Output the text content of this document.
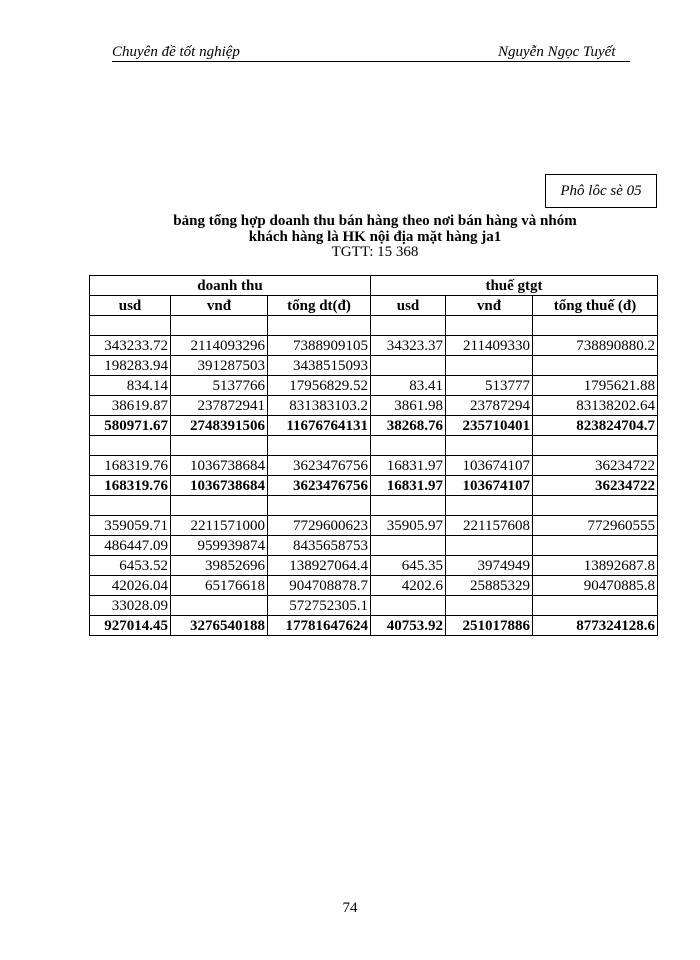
Chuyên đề tốt nghiệp	Nguyễn Ngọc Tuyết
Phô lôc sè 05
bảng tổng hợp doanh thu bán hàng theo nơi bán hàng và nhóm
khách hàng là HK nội địa mặt hàng ja1
TGTT: 15 368
doanh thu			thuế gtgt		
usd	vnđ	tổng dt(đ)	usd	vnđ	tổng thuế (đ)

343233.72	2114093296	7388909105	34323.37	211409330	738890880.2
198283.94	391287503	3438515093			
834.14	5137766	17956829.52	83.41	513777	1795621.88
38619.87	237872941	831383103.2	3861.98	23787294	83138202.64
580971.67	2748391506	11676764131	38268.76	235710401	823824704.7

168319.76	1036738684	3623476756	16831.97	103674107	36234722
168319.76	1036738684	3623476756	16831.97	103674107	36234722

359059.71	2211571000	7729600623	35905.97	221157608	772960555
486447.09	959939874	8435658753			
6453.52	39852696	138927064.4	645.35	3974949	13892687.8
42026.04	65176618	904708878.7	4202.6	25885329	90470885.8
33028.09		572752305.1			
927014.45	3276540188	17781647624	40753.92	251017886	877324128.6
74
